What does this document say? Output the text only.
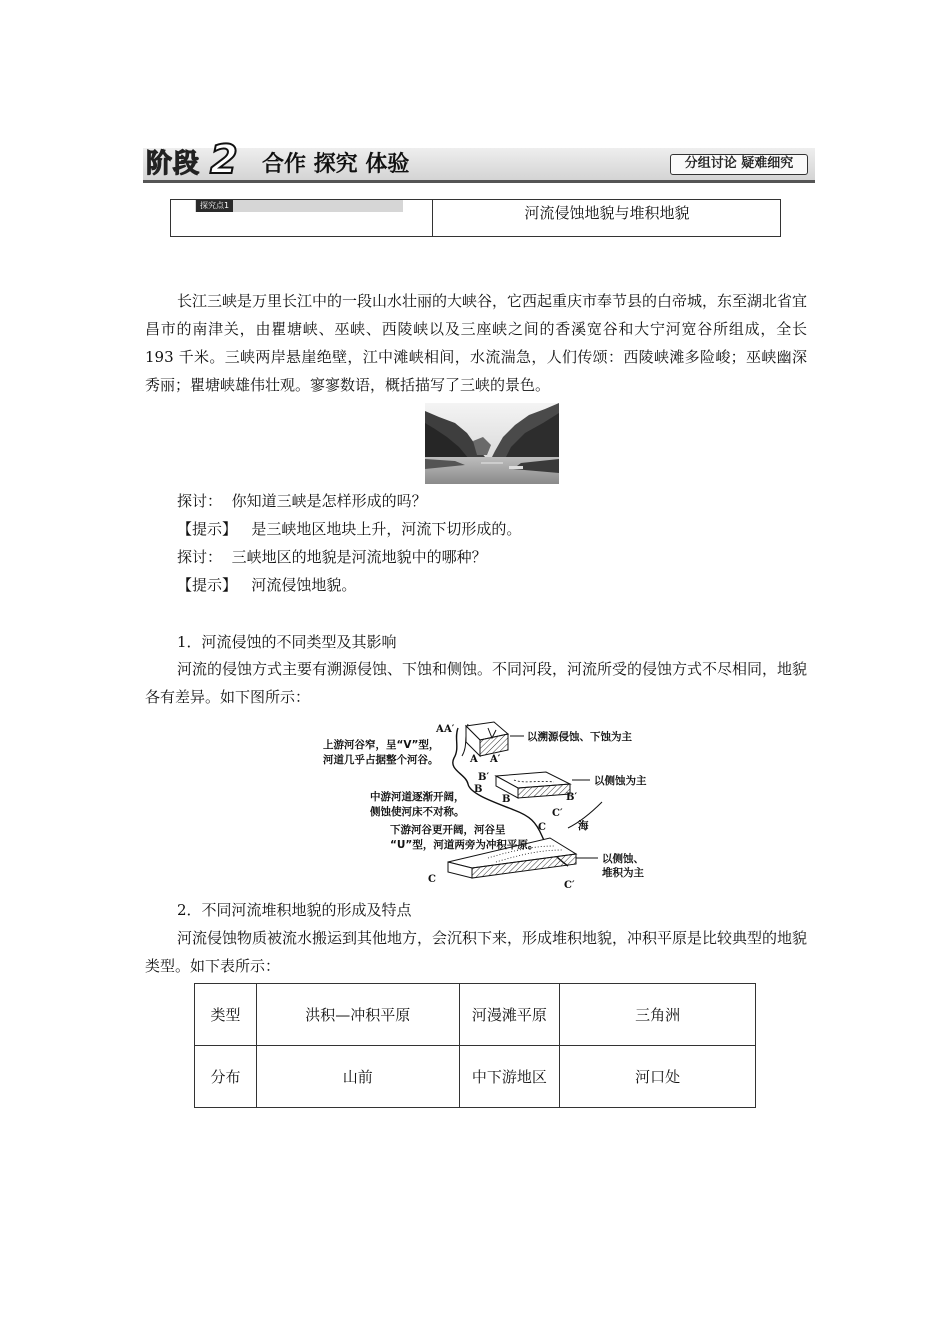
阶段 2 合作 探究 体验	分组讨论 疑难细究
探究点1	河流侵蚀地貌与堆积地貌
长江三峡是万里长江中的一段山水壮丽的大峡谷，它西起重庆市奉节县的白帝城，东至湖北省宜昌市的南津关，由瞿塘峡、巫峡、西陵峡以及三座峡之间的香溪宽谷和大宁河宽谷所组成，全长 193 千米。三峡两岸悬崖绝壁，江中滩峡相间，水流湍急，人们传颂：西陵峡滩多险峻；巫峡幽深秀丽；瞿塘峡雄伟壮观。寥寥数语，概括描写了三峡的景色。
探讨： 你知道三峡是怎样形成的吗？
【提示】 是三峡地区地块上升，河流下切形成的。
探讨： 三峡地区的地貌是河流地貌中的哪种？
【提示】 河流侵蚀地貌。
1．河流侵蚀的不同类型及其影响
河流的侵蚀方式主要有溯源侵蚀、下蚀和侧蚀。不同河段，河流所受的侵蚀方式不尽相同，地貌各有差异。如下图所示：
上游河谷窄，呈“V”型，
河道几乎占据整个河谷。
中游河道逐渐开阔，
侧蚀使河床不对称。
下游河谷更开阔，河谷呈
“U”型，河道两旁为冲积平原。
以溯源侵蚀、下蚀为主
以侧蚀为主
以侧蚀、
堆积为主
海
A A′
A A′
B′
B
B	B′
C′
C
C
C′
2．不同河流堆积地貌的形成及特点
河流侵蚀物质被流水搬运到其他地方，会沉积下来，形成堆积地貌，冲积平原是比较典型的地貌类型。如下表所示：
类型	洪积—冲积平原	河漫滩平原	三角洲
分布	山前	中下游地区	河口处
